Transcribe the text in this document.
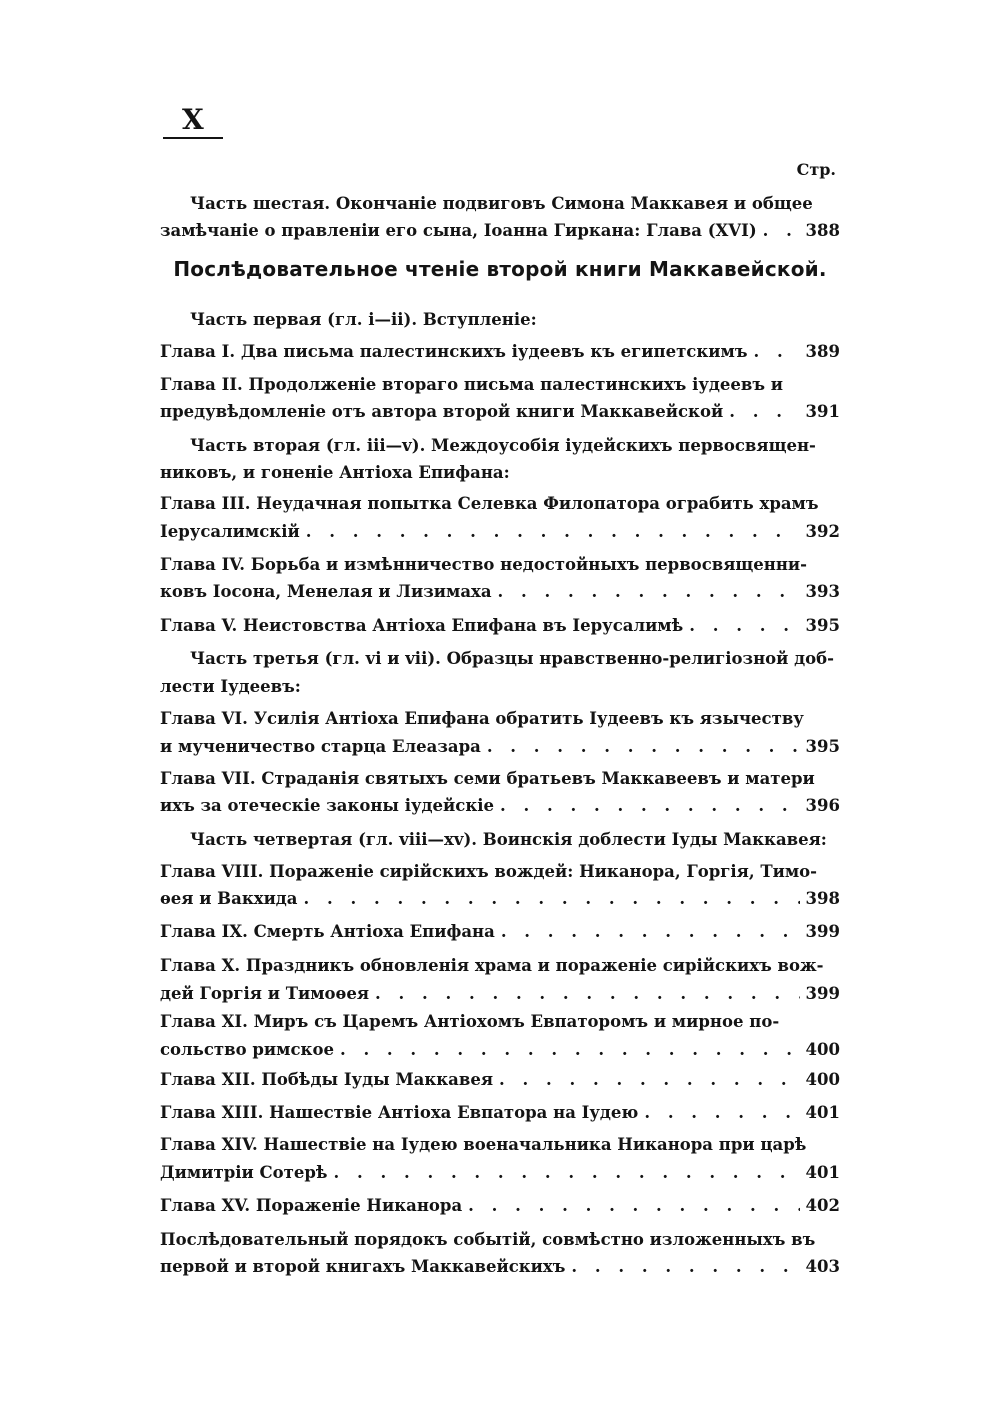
X
Стр.
Часть шестая. Окончаніе подвиговъ Симона Маккавея и общее
замѣчаніе о правленіи его сына, Іоанна Гиркана: Глава (XVI) . . .	388
Послѣдовательное чтеніе второй книги Маккавейской.
Часть первая (гл. і—іі). Вступленіе:
Глава I. Два письма палестинскихъ іудеевъ къ египетскимъ . . .	389
Глава II. Продолженіе втораго письма палестинскихъ іудеевъ и
предувѣдомленіе отъ автора второй книги Маккавейской . . .	391
Часть вторая (гл. ііі—v). Междоусобія іудейскихъ первосвящен-
никовъ, и гоненіе Антіоха Епифана:
Глава III. Неудачная попытка Селевка Филопатора ограбить храмъ
Іерусалимскій . . .	392
Глава IV. Борьба и измѣнничество недостойныхъ первосвященни-
ковъ Іосона, Менелая и Лизимаха . . .	393
Глава V. Неистовства Антіоха Епифана въ Іерусалимѣ . . .	395
Часть третья (гл. vi и vii). Образцы нравственно-религіозной доб-
лести Іудеевъ:
Глава VI. Усилія Антіоха Епифана обратить Іудеевъ къ язычеству
и мученичество старца Елеазара . . .	395
Глава VII. Страданія святыхъ семи братьевъ Маккавеевъ и матери
ихъ за отеческіе законы іудейскіе . . .	396
Часть четвертая (гл. viii—xv). Воинскія доблести Іуды Маккавея:
Глава VIII. Пораженіе сирійскихъ вождей: Никанора, Горгія, Тимо-
ѳея и Вакхида . . .	398
Глава IX. Смерть Антіоха Епифана . . .	399
Глава X. Праздникъ обновленія храма и пораженіе сирійскихъ вож-
дей Горгія и Тимоѳея . . .	399
Глава XI. Миръ съ Царемъ Антіохомъ Евпаторомъ и мирное по-
сольство римское . . .	400
Глава XII. Побѣды Іуды Маккавея . . .	400
Глава XIII. Нашествіе Антіоха Евпатора на Іудею . . .	401
Глава XIV. Нашествіе на Іудею военачальника Никанора при царѣ
Димитріи Сотерѣ . . .	401
Глава XV. Пораженіе Никанора . . .	402
Послѣдовательный порядокъ событій, совмѣстно изложенныхъ въ
первой и второй книгахъ Маккавейскихъ . . .	403
